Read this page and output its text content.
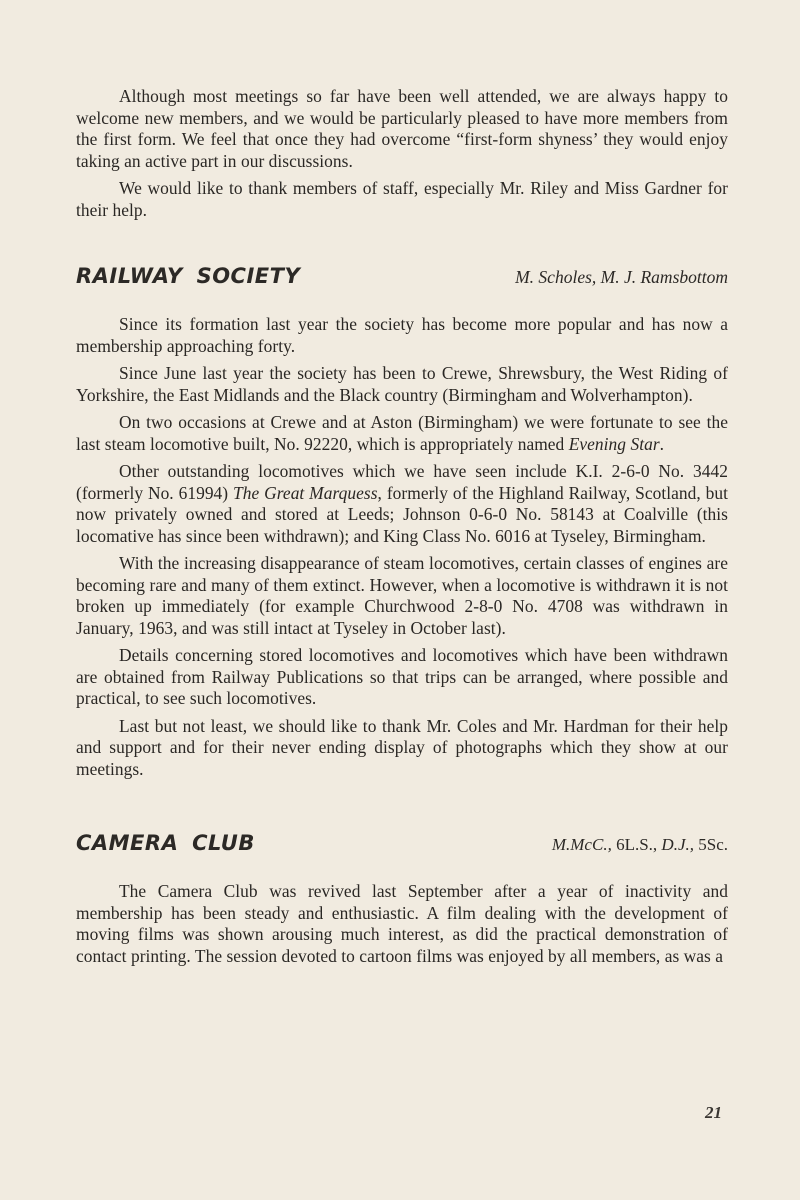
Although most meetings so far have been well attended, we are always happy to welcome new members, and we would be particularly pleased to have more members from the first form. We feel that once they had overcome “first-form shyness’ they would enjoy taking an active part in our discussions.

We would like to thank members of staff, especially Mr. Riley and Miss Gardner for their help.

RAILWAY SOCIETY	M. Scholes, M. J. Ramsbottom

Since its formation last year the society has become more popular and has now a membership approaching forty.

Since June last year the society has been to Crewe, Shrewsbury, the West Riding of Yorkshire, the East Midlands and the Black country (Birmingham and Wolverhampton).

On two occasions at Crewe and at Aston (Birmingham) we were fortunate to see the last steam locomotive built, No. 92220, which is appropriately named Evening Star.

Other outstanding locomotives which we have seen include K.I. 2-6-0 No. 3442 (formerly No. 61994) The Great Marquess, formerly of the Highland Railway, Scotland, but now privately owned and stored at Leeds; Johnson 0-6-0 No. 58143 at Coalville (this locomative has since been withdrawn); and King Class No. 6016 at Tyseley, Birmingham.

With the increasing disappearance of steam locomotives, certain classes of engines are becoming rare and many of them extinct. However, when a locomotive is withdrawn it is not broken up immediately (for example Churchwood 2-8-0 No. 4708 was withdrawn in January, 1963, and was still intact at Tyseley in October last).

Details concerning stored locomotives and locomotives which have been withdrawn are obtained from Railway Publications so that trips can be arranged, where possible and practical, to see such locomotives.

Last but not least, we should like to thank Mr. Coles and Mr. Hardman for their help and support and for their never ending display of photographs which they show at our meetings.

CAMERA CLUB	M.McC., 6L.S., D.J., 5Sc.

The Camera Club was revived last September after a year of inactivity and membership has been steady and enthusiastic. A film dealing with the development of moving films was shown arousing much interest, as did the practical demonstration of contact printing. The session devoted to cartoon films was enjoyed by all members, as was a

21
